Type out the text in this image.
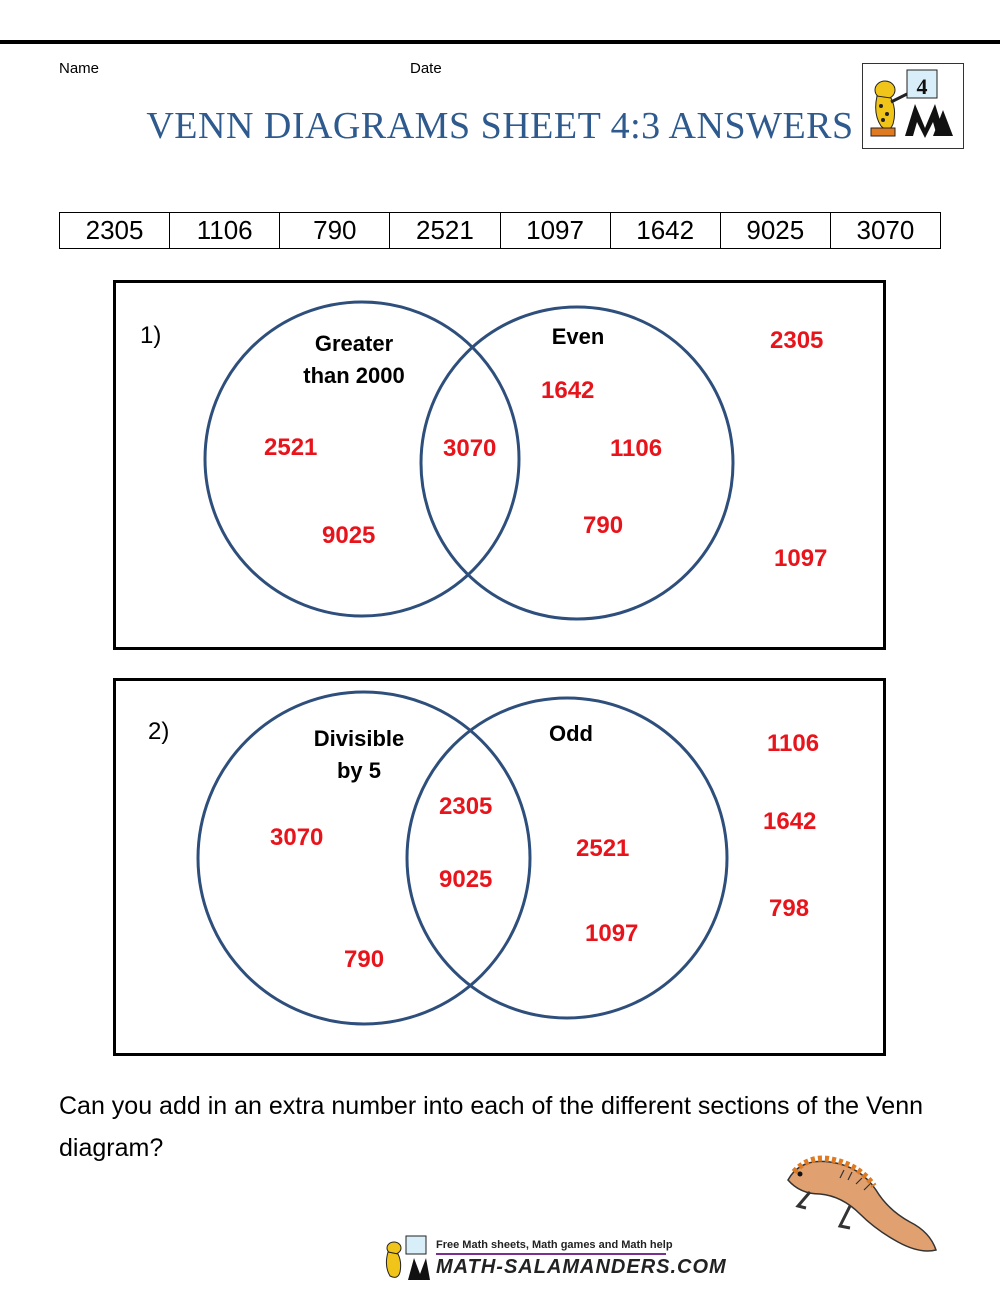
Name	Date
VENN DIAGRAMS SHEET 4:3 ANSWERS
4
2305	1106	790	2521	1097	1642	9025	3070
1)	Greater
than 2000
Even
2521
9025
3070
1642
1106
790
2305
1097
2)	Divisible
by 5
Odd
3070
790
2305
9025
2521
1097
1106
1642
798
Can you add in an extra number into each of the different sections of the Venn diagram?
Free Math sheets, Math games and Math help
MATH-SALAMANDERS.COM
